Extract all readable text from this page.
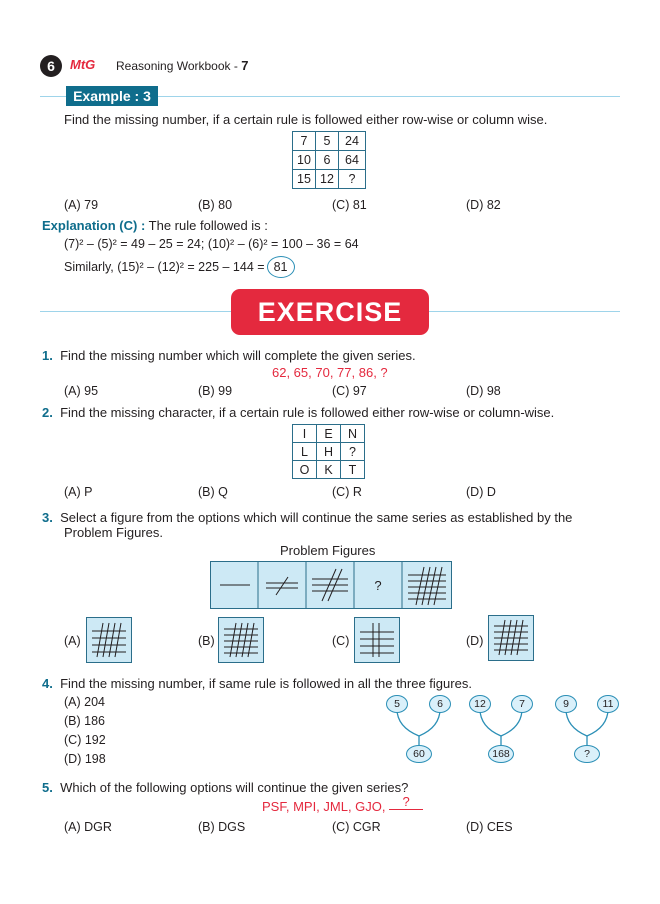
6	MtG Reasoning Workbook - 7
Example : 3
Find the missing number, if a certain rule is followed either row-wise or column wise.
7	5	24
10	6	64
15	12	?
(A) 79	(B) 80	(C) 81	(D) 82
Explanation (C) : The rule followed is :
(7)² – (5)² = 49 – 25 = 24; (10)² – (6)² = 100 – 36 = 64
Similarly, (15)² – (12)² = 225 – 144 = 81
EXERCISE
1. Find the missing number which will complete the given series.
62, 65, 70, 77, 86, ?
(A) 95	(B) 99	(C) 97	(D) 98
2. Find the missing character, if a certain rule is followed either row-wise or column-wise.
I	E	N
L	H	?
O	K	T
(A) P	(B) Q	(C) R	(D) D
3. Select a figure from the options which will continue the same series as established by the
Problem Figures.
Problem Figures
?
(A)	(B)	(C)	(D)
4. Find the missing number, if same rule is followed in all the three figures.
(A) 204
(B) 186
(C) 192
(D) 198
5	6
60
12	7
168
9	11
?
5. Which of the following options will continue the given series?
PSF, MPI, JML, GJO, ?
(A) DGR	(B) DGS	(C) CGR	(D) CES
